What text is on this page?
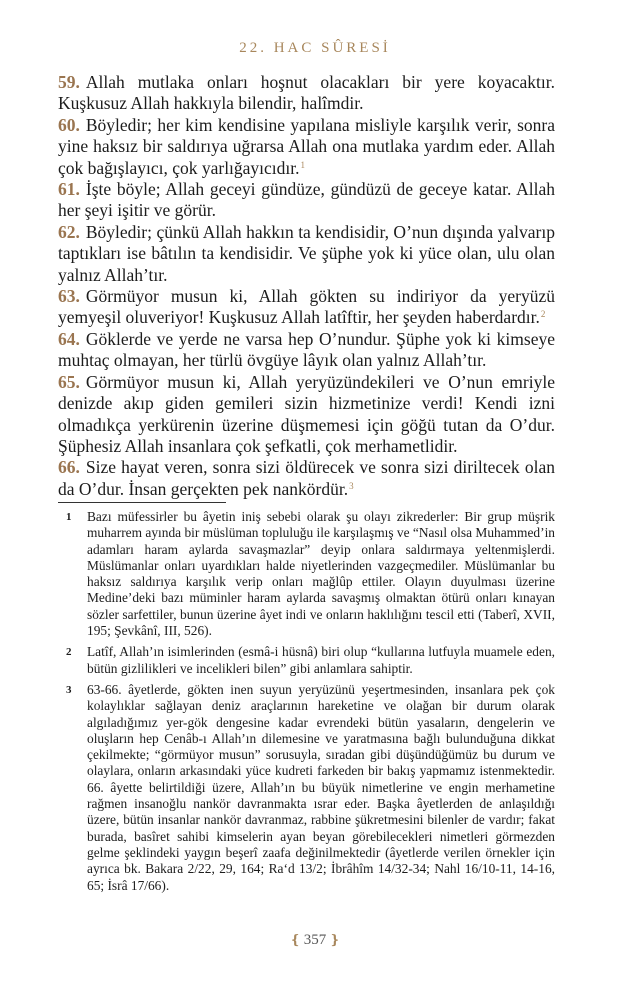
22. HAC SÛRESİ

59. Allah mutlaka onları hoşnut olacakları bir yere koyacaktır. Kuşkusuz Allah hakkıyla bilendir, halîmdir.

60. Böyledir; her kim kendisine yapılana misliyle karşılık verir, sonra yine haksız bir saldırıya uğrarsa Allah ona mutlaka yardım eder. Allah çok bağışlayıcı, çok yarlığayıcıdır.$^1$

61. İşte böyle; Allah geceyi gündüze, gündüzü de geceye katar. Allah her şeyi işitir ve görür.

62. Böyledir; çünkü Allah hakkın ta kendisidir, O’nun dışında yalvarıp taptıkları ise bâtılın ta kendisidir. Ve şüphe yok ki yüce olan, ulu olan yalnız Allah’tır.

63. Görmüyor musun ki, Allah gökten su indiriyor da yeryüzü yemyeşil oluveriyor! Kuşkusuz Allah latîftir, her şeyden haberdardır.$^2$

64. Göklerde ve yerde ne varsa hep O’nundur. Şüphe yok ki kimseye muhtaç olmayan, her türlü övgüye lâyık olan yalnız Allah’tır.

65. Görmüyor musun ki, Allah yeryüzündekileri ve O’nun emriyle denizde akıp giden gemileri sizin hizmetinize verdi! Kendi izni olmadıkça yerkürenin üzerine düşmemesi için göğü tutan da O’dur. Şüphesiz Allah insanlara çok şefkatli, çok merhametlidir.

66. Size hayat veren, sonra sizi öldürecek ve sonra sizi diriltecek olan da O’dur. İnsan gerçekten pek nankördür.$^3$

1	Bazı müfessirler bu âyetin iniş sebebi olarak şu olayı zikrederler: Bir grup müşrik muharrem ayında bir müslüman topluluğu ile karşılaşmış ve “Nasıl olsa Muhammed’in adamları haram aylarda savaşmazlar” deyip onlara saldırmaya yeltenmişlerdi. Müslümanlar onları uyardıkları halde niyetlerinden vazgeçmediler. Müslümanlar bu haksız saldırıya karşılık verip onları mağlûp ettiler. Olayın duyulması üzerine Medine’deki bazı müminler haram aylarda savaşmış olmaktan ötürü onları kınayan sözler sarfettiler, bunun üzerine âyet indi ve onların haklılığını tescil etti (Taberî, XVII, 195; Şevkânî, III, 526).
2	Latîf, Allah’ın isimlerinden (esmâ-i hüsnâ) biri olup “kullarına lutfuyla muamele eden, bütün gizlilikleri ve incelikleri bilen” gibi anlamlara sahiptir.
3	63-66. âyetlerde, gökten inen suyun yeryüzünü yeşertmesinden, insanlara pek çok kolaylıklar sağlayan deniz araçlarının hareketine ve olağan bir durum olarak algıladığımız yer-gök dengesine kadar evrendeki bütün yasaların, dengelerin ve oluşların hep Cenâb-ı Allah’ın dilemesine ve yaratmasına bağlı bulunduğuna dikkat çekilmekte; “görmüyor musun” sorusuyla, sıradan gibi düşündüğümüz bu durum ve olaylara, onların arkasındaki yüce kudreti farkeden bir bakış yapmamız istenmektedir. 66. âyette belirtildiği üzere, Allah’ın bu büyük nimetlerine ve engin merhametine rağmen insanoğlu nankör davranmakta ısrar eder. Başka âyetlerden de anlaşıldığı üzere, bütün insanlar nankör davranmaz, rabbine şükretmesini bilenler de vardır; fakat burada, basîret sahibi kimselerin ayan beyan görebilecekleri nimetleri görmezden gelme şeklindeki yaygın beşerî zaafa değinilmektedir (âyetlerde verilen örnekler için ayrıca bk. Bakara 2/22, 29, 164; Ra‘d 13/2; İbrâhîm 14/32-34; Nahl 16/10-11, 14-16, 65; İsrâ 17/66).
❴ 357 ❵
